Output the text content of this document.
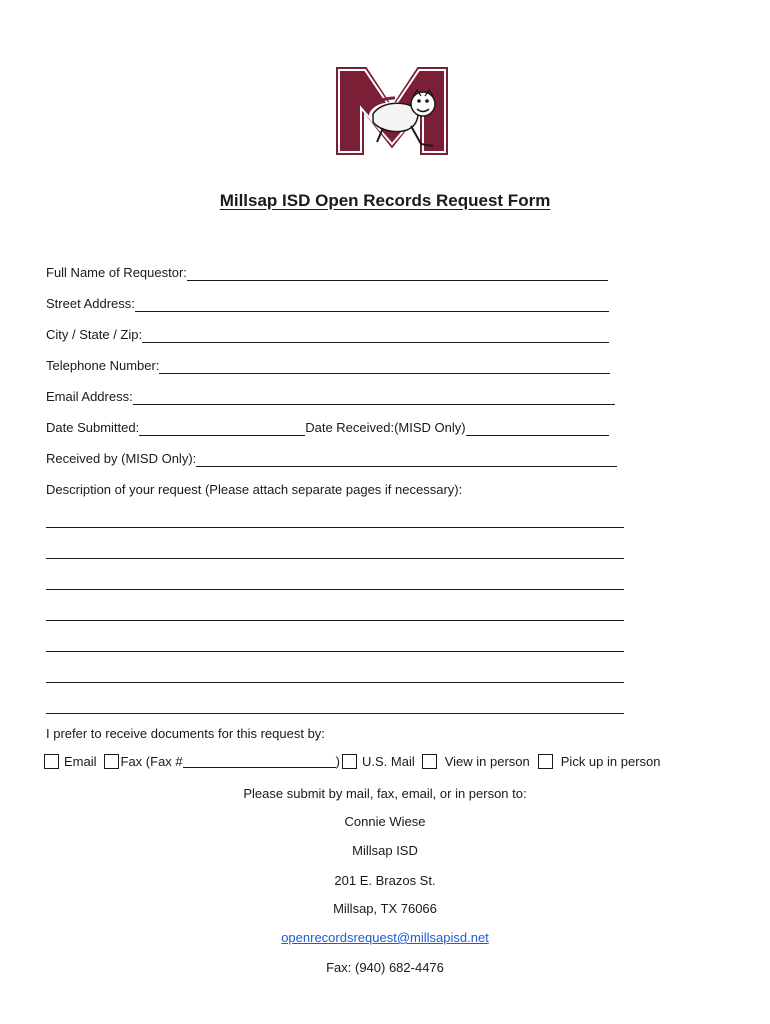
Millsap ISD Open Records Request Form
Full Name of Requestor:
Street Address:
City / State / Zip:
Telephone Number:
Email Address:
Date Submitted:	Date Received:(MISD Only)
Received by (MISD Only):
Description of your request (Please attach separate pages if necessary):
I prefer to receive documents for this request by:
Email Fax (Fax #	) U.S. Mail View in person Pick up in person
Please submit by mail, fax, email, or in person to:
Connie Wiese
Millsap ISD
201 E. Brazos St.
Millsap, TX 76066
openrecordsrequest@millsapisd.net
Fax: (940) 682-4476
